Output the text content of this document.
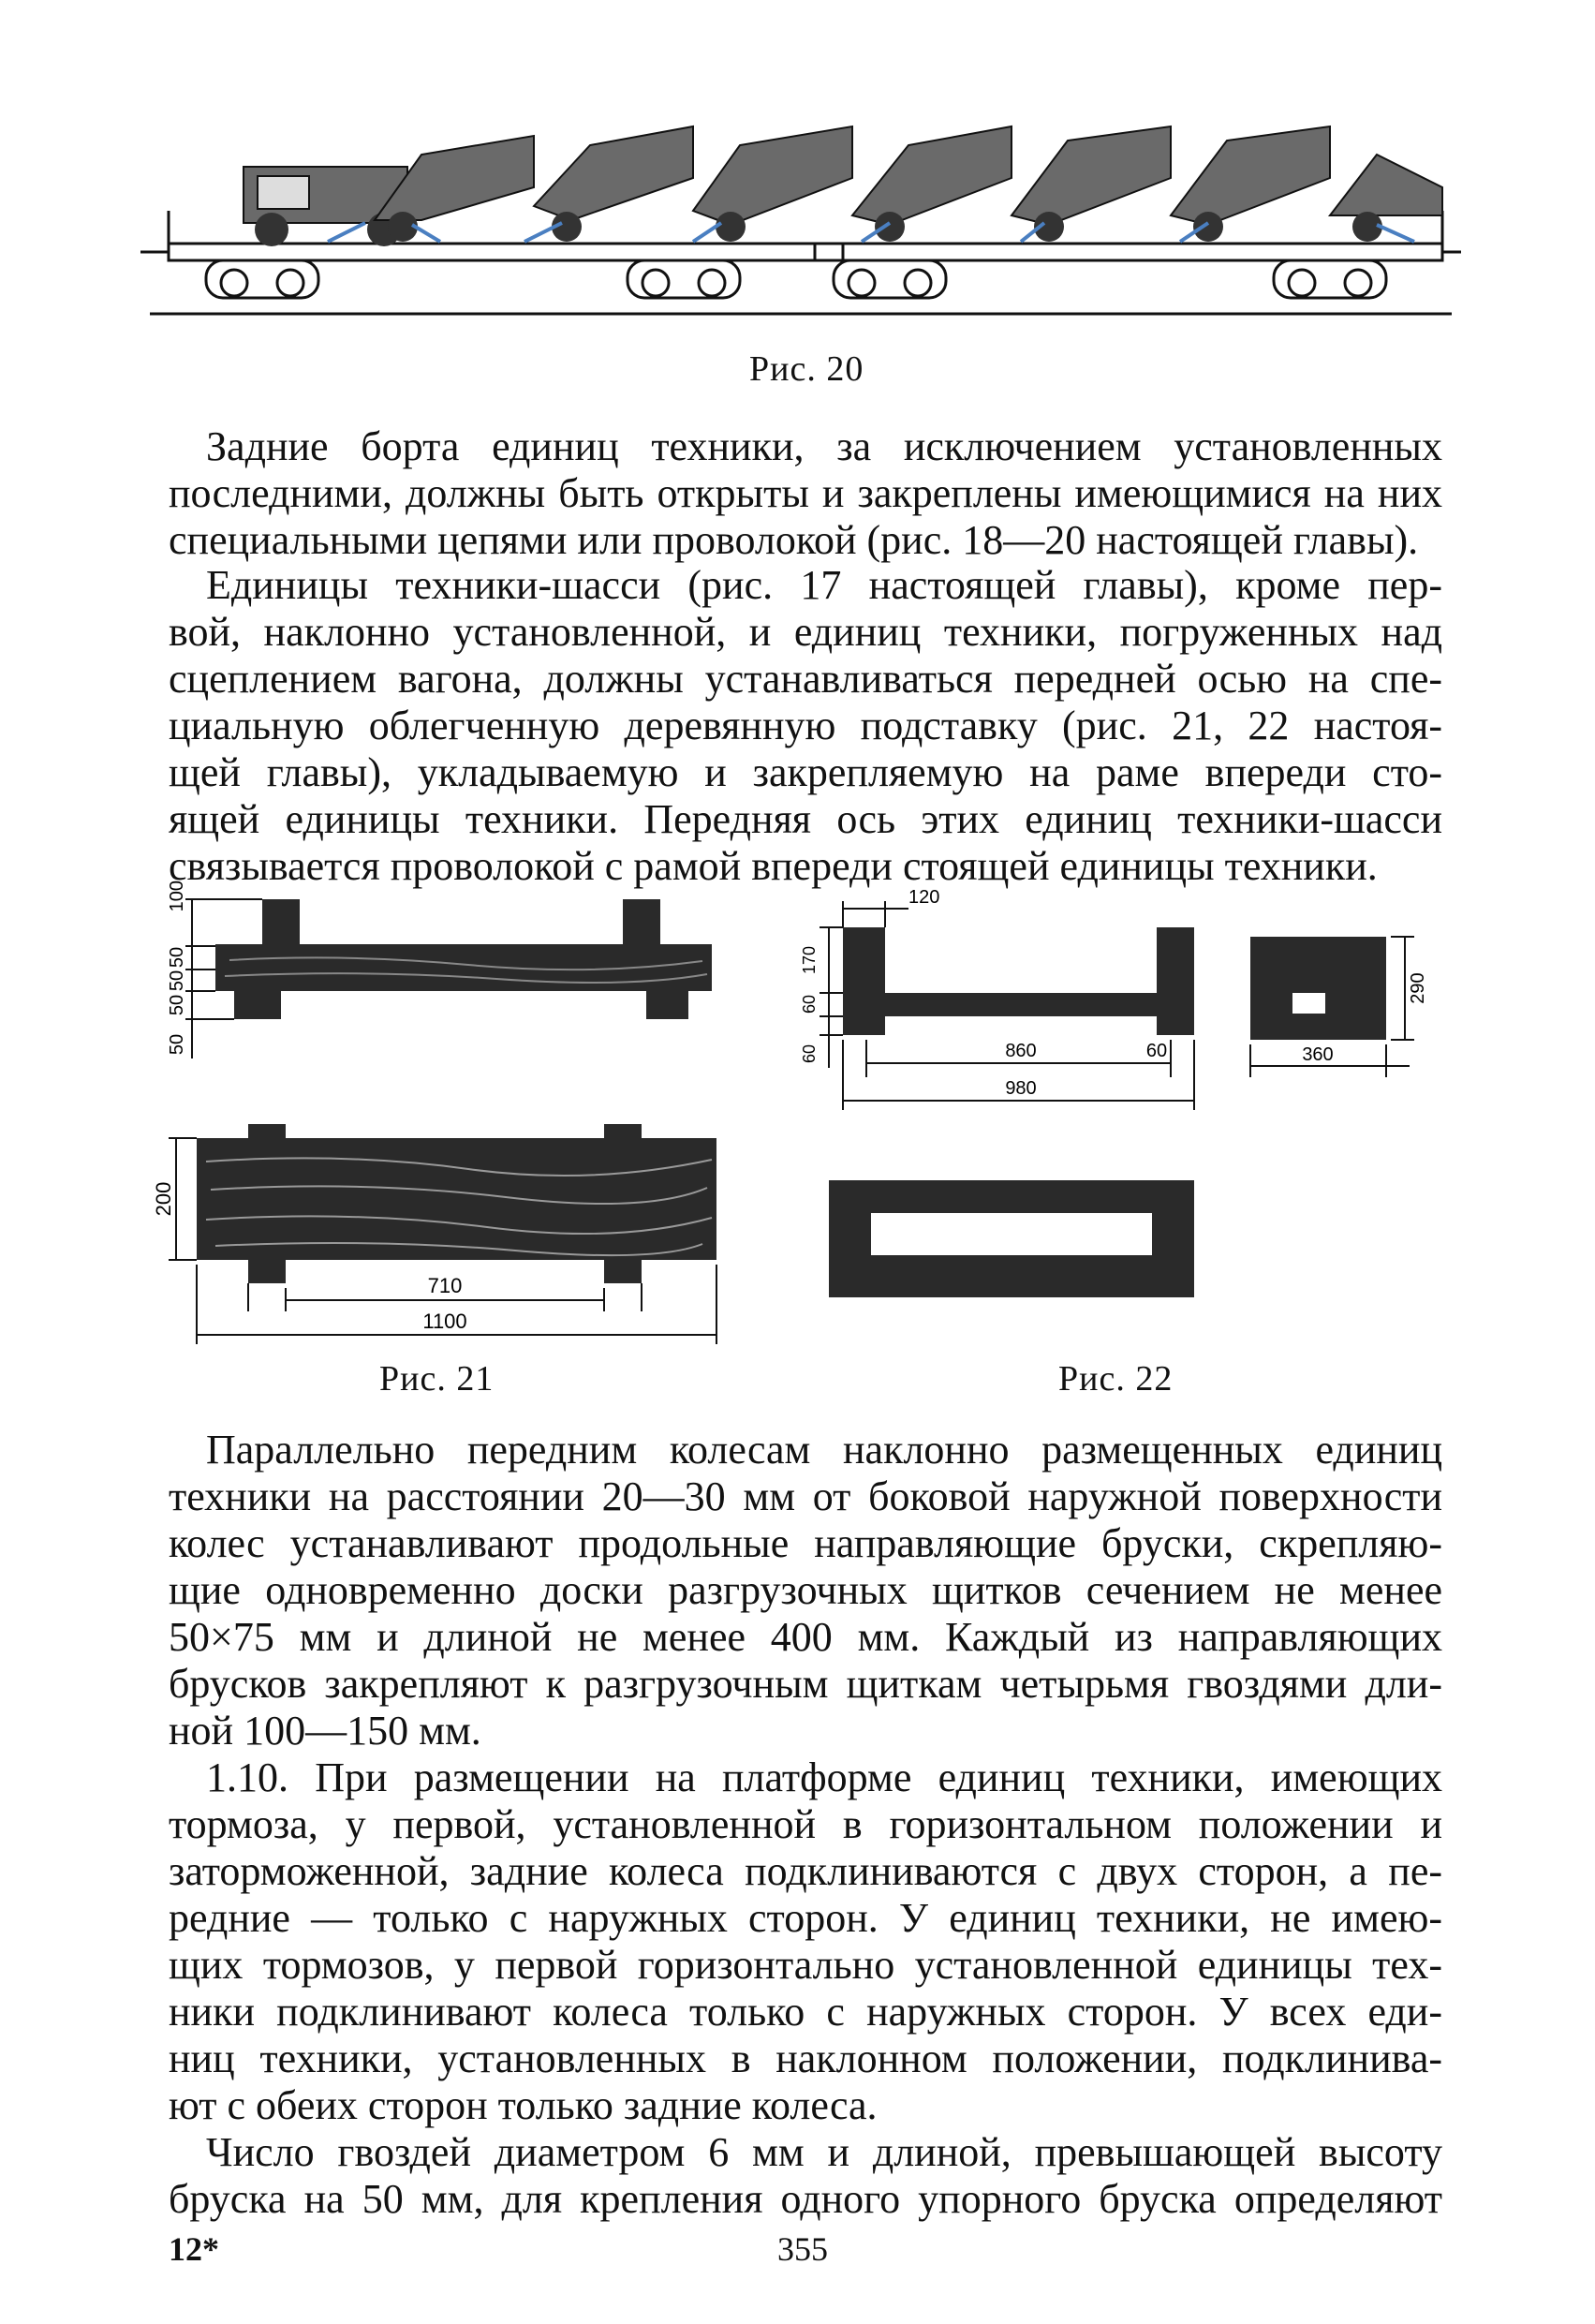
Рис. 20
Задние борта единиц техники, за исключением установленных
последними, должны быть открыты и закреплены имеющимися на них
специальными цепями или проволокой (рис. 18—20 настоящей главы).
Единицы техники-шасси (рис. 17 настоящей главы), кроме пер-
вой, наклонно установленной, и единиц техники, погруженных над
сцеплением вагона, должны устанавливаться передней осью на спе-
циальную облегченную деревянную подставку (рис. 21, 22 настоя-
щей главы), укладываемую и закрепляемую на раме впереди сто-
ящей единицы техники. Передняя ось этих единиц техники-шасси
связывается проволокой с рамой впереди стоящей единицы техники.
100
50
50
50
50
200
710
1100
100	100
Рис. 21
120
170
60
60	860	60
980
290
360
Рис. 22
Параллельно передним колесам наклонно размещенных единиц
техники на расстоянии 20—30 мм от боковой наружной поверхности
колес устанавливают продольные направляющие бруски, скрепляю-
щие одновременно доски разгрузочных щитков сечением не менее
50×75 мм и длиной не менее 400 мм. Каждый из направляющих
брусков закрепляют к разгрузочным щиткам четырьмя гвоздями дли-
ной 100—150 мм.
1.10. При размещении на платформе единиц техники, имеющих
тормоза, у первой, установленной в горизонтальном положении и
заторможенной, задние колеса подклиниваются с двух сторон, а пе-
редние — только с наружных сторон. У единиц техники, не имею-
щих тормозов, у первой горизонтально установленной единицы тех-
ники подклинивают колеса только с наружных сторон. У всех еди-
ниц техники, установленных в наклонном положении, подклинива-
ют с обеих сторон только задние колеса.
Число гвоздей диаметром 6 мм и длиной, превышающей высоту
бруска на 50 мм, для крепления одного упорного бруска определяют
12*	355
